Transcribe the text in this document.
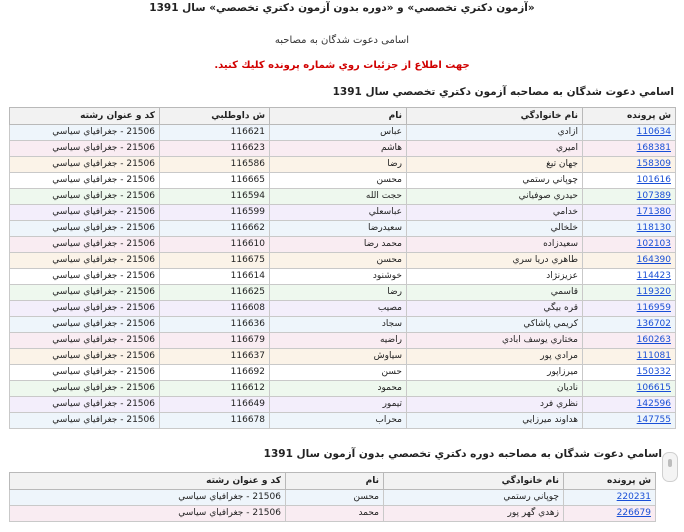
«آزمون دكتري تخصصي» و «دوره بدون آزمون دكتري تخصصي» سال 1391
اسامی دعوت شدگان به مصاحبه
جهت اطلاع از جزئيات روي شماره پرونده كليك كنيد.
اسامي دعوت شدگان به مصاحبه آزمون دكتري تخصصي سال 1391
ش پرونده	نام خانوادگي	نام	ش داوطلبي	كد و عنوان رشته
110634	ازادي	عباس	116621	21506 - جغرافياي سياسي
168381	اميري	هاشم	116623	21506 - جغرافياي سياسي
158309	جهان تيغ	رضا	116586	21506 - جغرافياي سياسي
101616	چوپاني رستمي	محسن	116665	21506 - جغرافياي سياسي
107389	حيدري صوفياني	حجت الله	116594	21506 - جغرافياي سياسي
171380	خدامي	عباسعلي	116599	21506 - جغرافياي سياسي
118130	خلخالي	سعيدرضا	116662	21506 - جغرافياي سياسي
102103	سعيدزاده	محمد رضا	116610	21506 - جغرافياي سياسي
164390	طاهري دريا سري	محسن	116675	21506 - جغرافياي سياسي
114423	عزيزنژاد	خوشنود	116614	21506 - جغرافياي سياسي
119320	قاسمي	رضا	116625	21506 - جغرافياي سياسي
116959	قره بيگي	مصيب	116608	21506 - جغرافياي سياسي
136702	كريمي پاشاكي	سجاد	116636	21506 - جغرافياي سياسي
160263	مختاري يوسف ابادي	راضيه	116679	21506 - جغرافياي سياسي
111081	مرادي پور	سياوش	116637	21506 - جغرافياي سياسي
150332	ميرزاپور	حسن	116692	21506 - جغرافياي سياسي
106615	ناديان	محمود	116612	21506 - جغرافياي سياسي
142596	نظري فرد	تيمور	116649	21506 - جغرافياي سياسي
147755	هداوند ميرزايي	محراب	116678	21506 - جغرافياي سياسي
اسامي دعوت شدگان به مصاحبه دوره دكتري تخصصي بدون آزمون سال 1391
ش پرونده	نام خانوادگي	نام	كد و عنوان رشته
220231	چوپاني رستمي	محسن	21506 - جغرافياي سياسي
226679	زهدي گهر پور	محمد	21506 - جغرافياي سياسي
